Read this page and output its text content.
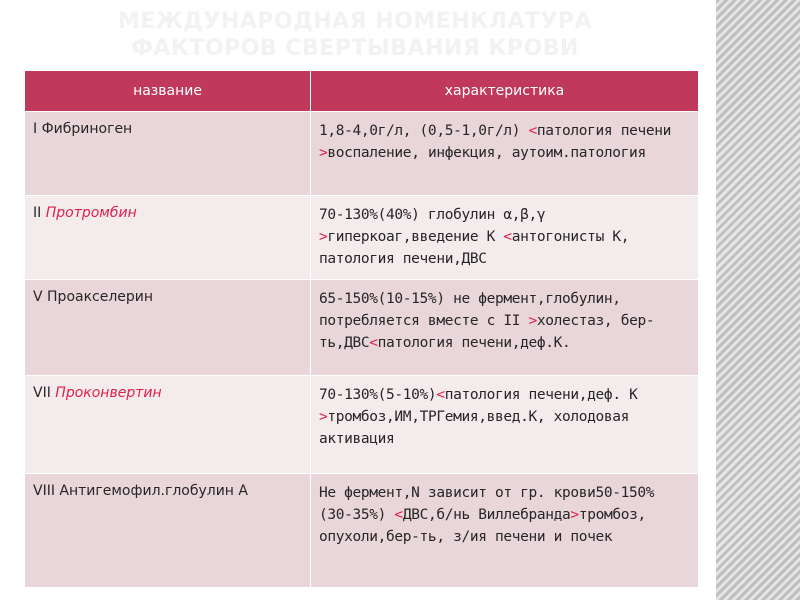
МЕЖДУНАРОДНАЯ НОМЕНКЛАТУРА
ФАКТОРОВ СВЕРТЫВАНИЯ КРОВИ
название	характеристика
I Фибриноген	1,8-4,0г/л, (0,5-1,0г/л) <патология печени >воспаление, инфекция, аутоим.патология
II Протромбин	70-130%(40%) глобулин α,β,γ >гиперкоаг,введение К <антогонисты К, патология печени,ДВС
V Проакселерин	65-150%(10-15%) не фермент,глобулин, потребляется вместе с II >холестаз, бер-ть,ДВС<патология печени,деф.К.
VII Проконвертин	70-130%(5-10%)<патология печени,деф. К >тромбоз,ИМ,ТРГемия,введ.К, холодовая активация
VIII Антигемофил.глобулин А	Не фермент,N зависит от гр. крови50-150% (30-35%) <ДВС,б/нь Виллебранда>тромбоз, опухоли,бер-ть, з/ия печени и почек
